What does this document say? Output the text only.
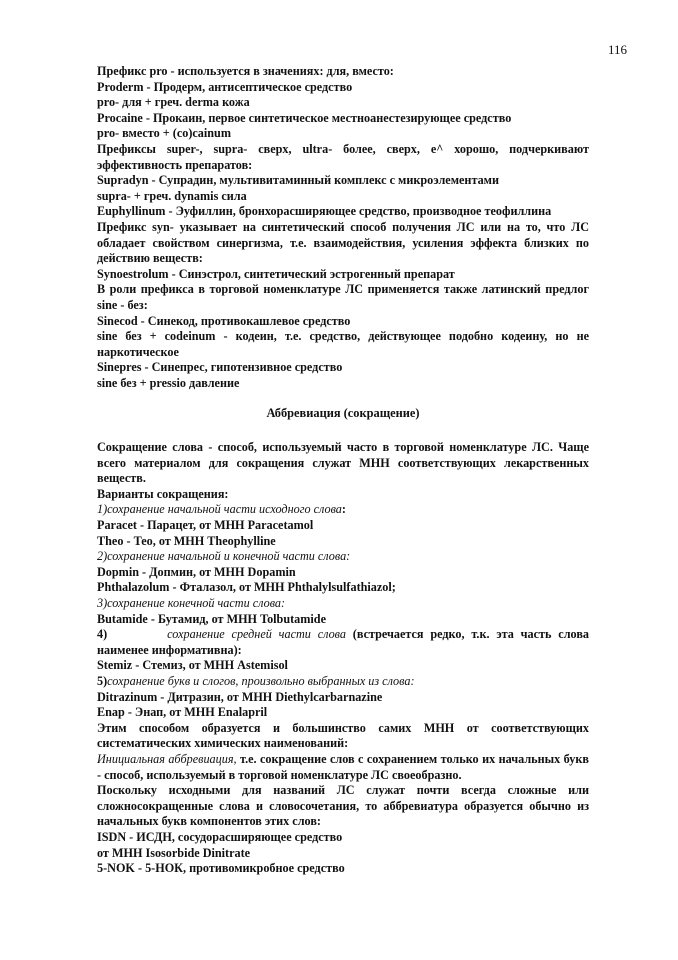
116

Префикс pro - используется в значениях: для, вместо:

Proderm - Продерм, антисептическое средство

pro- для + греч. derma кожа

Procaine - Прокаин, первое синтетическое местноанестезирующее средство

pro- вместо + (co)cainum

Префиксы super-, supra- сверх, ultra- более, сверх, e^ хорошо, подчеркивают эффективность препаратов:

Supradyn - Супрадин, мультивитаминный комплекс с микроэлементами

supra- + греч. dynamis сила

Euphyllinum - Эуфиллин, бронхорасширяющее средство, производное теофиллина

Префикс syn- указывает на синтетический способ получения ЛС или на то, что ЛС обладает свойством синергизма, т.е. взаимодействия, усиления эффекта близких по действию веществ:

Synoestrolum - Синэстрол, синтетический эстрогенный препарат

В роли префикса в торговой номенклатуре ЛС применяется также латинский предлог sine - без:

Sinecod - Синекод, противокашлевое средство

sine без + codeinum - кодеин, т.е. средство, действующее подобно кодеину, но не наркотическое

Sinepres - Синепрес, гипотензивное средство

sine без + pressio давление

Аббревиация (сокращение)

Сокращение слова - способ, используемый часто в торговой номенклатуре ЛС. Чаще всего материалом для сокращения служат МНН соответствующих лекарственных веществ.

Варианты сокращения:

1)сохранение начальной части исходного слова:

Paracet - Парацет, от МНН Paracetamol

Theo - Тео, от МНН Theophylline

2)сохранение начальной и конечной части слова:

Dopmin - Допмин, от МНН Dopamin

Phthalazolum - Фталазол, от МНН Phthalylsulfathiazol;

3)сохранение конечной части слова:

Butamide - Бутамид, от МНН Tolbutamide

4)	сохранение средней части слова (встречается редко, т.к. эта часть слова наименее информативна):

Stemiz - Стемиз, от МНН Astemisol

5)сохранение букв и слогов, произвольно выбранных из слова:

Ditrazinum - Дитразин, от МНН Diethylcarbarnazine

Enap - Энап, от МНН Enalapril

Этим способом образуется и большинство самих МНН от соответствующих систематических химических наименований:

Инициальная аббревиация, т.е. сокращение слов с сохранением только их начальных букв - способ, используемый в торговой номенклатуре ЛС своеобразно.

Поскольку исходными для названий ЛС служат почти всегда сложные или сложносокращенные слова и словосочетания, то аббревиатура образуется обычно из начальных букв компонентов этих слов:

ISDN - ИСДН, сосудорасширяющее средство

от МНН Isosorbide Dinitrate

5-NOK - 5-НОК, противомикробное средство
